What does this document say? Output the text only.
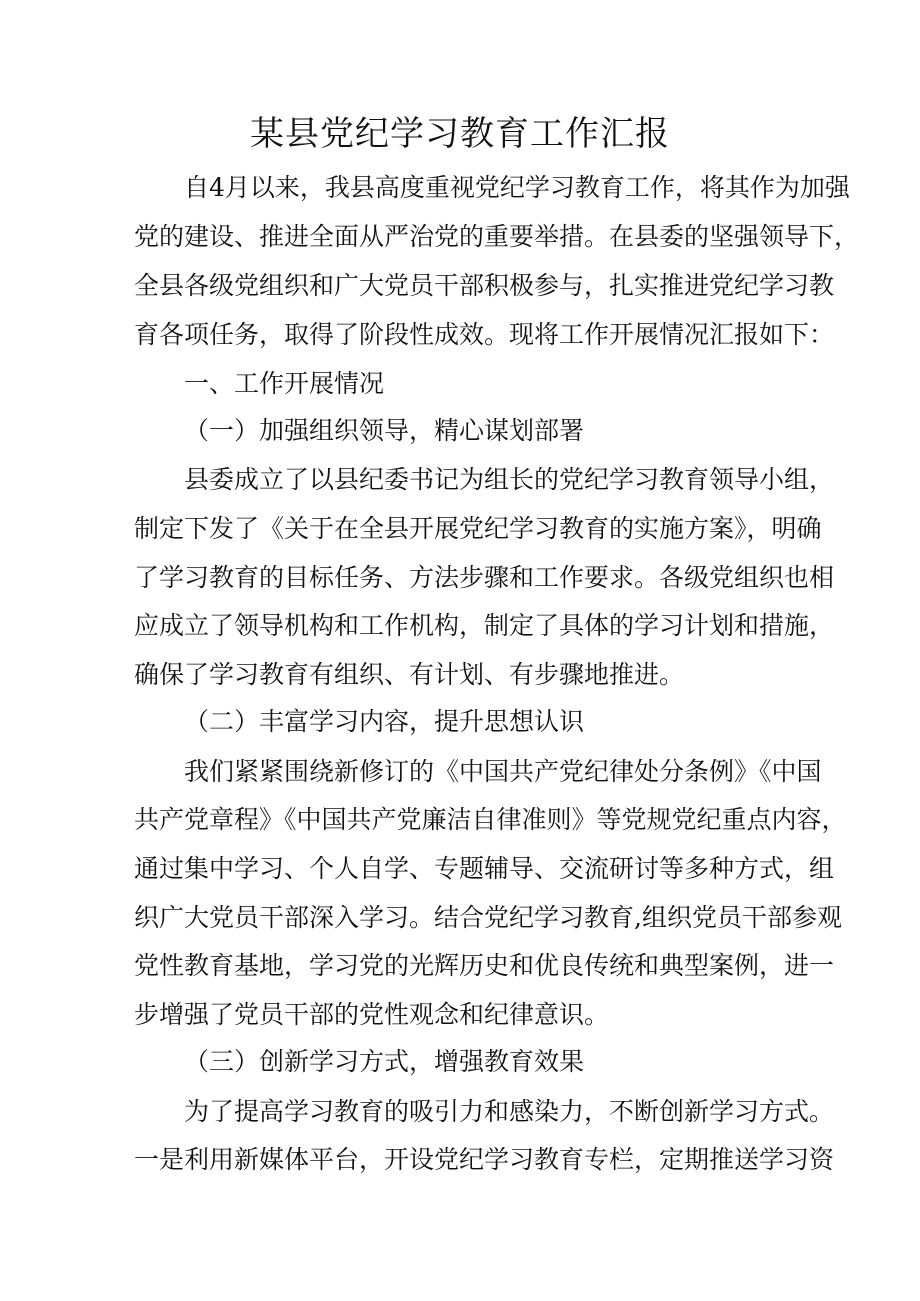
某县党纪学习教育工作汇报

自4月以来，我县高度重视党纪学习教育工作，将其作为加强

党的建设、推进全面从严治党的重要举措。在县委的坚强领导下，

全县各级党组织和广大党员干部积极参与，扎实推进党纪学习教

育各项任务，取得了阶段性成效。现将工作开展情况汇报如下：

一、工作开展情况

（一）加强组织领导，精心谋划部署

县委成立了以县纪委书记为组长的党纪学习教育领导小组，

制定下发了《关于在全县开展党纪学习教育的实施方案》，明确

了学习教育的目标任务、方法步骤和工作要求。各级党组织也相

应成立了领导机构和工作机构，制定了具体的学习计划和措施，

确保了学习教育有组织、有计划、有步骤地推进。

（二）丰富学习内容，提升思想认识

我们紧紧围绕新修订的《中国共产党纪律处分条例》《中国

共产党章程》《中国共产党廉洁自律准则》等党规党纪重点内容，

通过集中学习、个人自学、专题辅导、交流研讨等多种方式，组

织广大党员干部深入学习。结合党纪学习教育,组织党员干部参观

党性教育基地，学习党的光辉历史和优良传统和典型案例，进一

步增强了党员干部的党性观念和纪律意识。

（三）创新学习方式，增强教育效果

为了提高学习教育的吸引力和感染力，不断创新学习方式。

一是利用新媒体平台，开设党纪学习教育专栏，定期推送学习资
